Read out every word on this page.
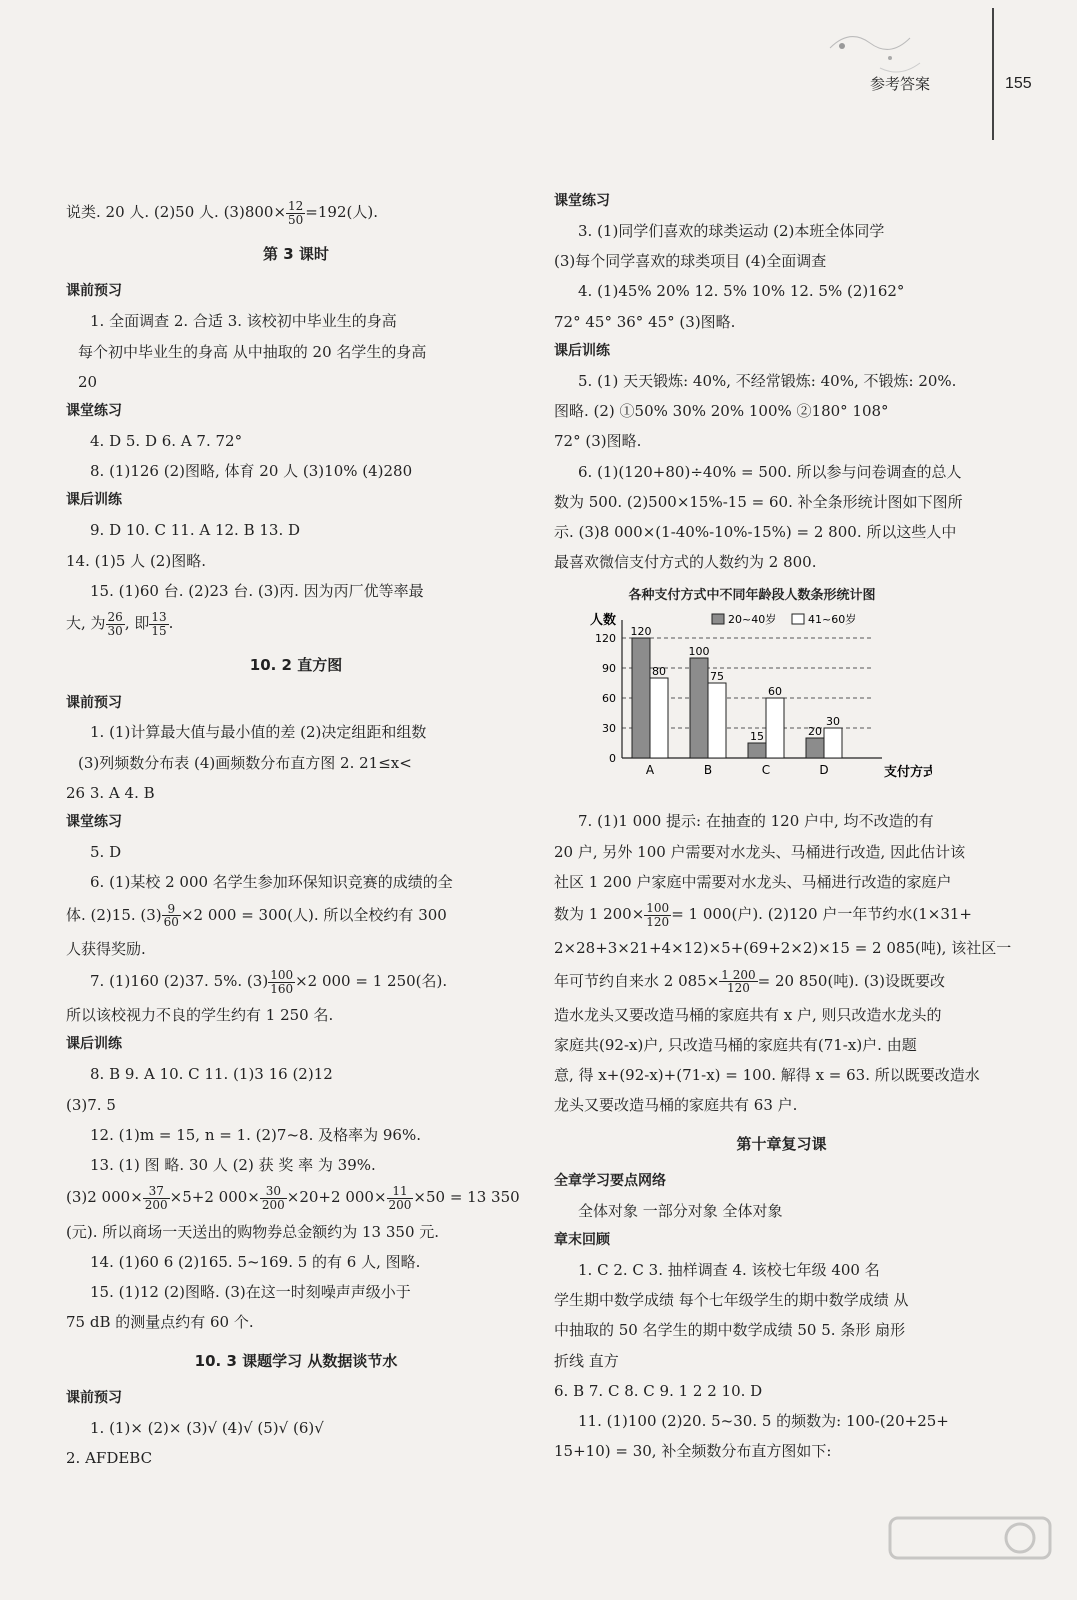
参考答案	155
说类. 20 人. (2)50 人. $(3)800\times \frac{12}{50} =192$(人).
第 3 课时
课前预习
1. 全面调查 2. 合适 3. 该校初中毕业生的身高
每个初中毕业生的身高 从中抽取的 20 名学生的身高
20
课堂练习
4. D 5. D 6. A 7. 72°
8. (1)126 (2)图略, 体育 20 人 (3)10% (4)280
课后训练
9. D 10. C 11. A 12. B 13. D
14. (1)5 人 (2)图略.
15. (1)60 台. (2)23 台. (3)丙. 因为丙厂优等率最
大, 为 $\frac{26}{30}$ , 即 $\frac{13}{15}$ .
10. 2 直方图
课前预习
1. (1)计算最大值与最小值的差 (2)决定组距和组数
(3)列频数分布表 (4)画频数分布直方图 2. 21≤x<
26 3. A 4. B
课堂练习
5. D
6. (1)某校 2 000 名学生参加环保知识竞赛的成绩的全
体. (2)15. $(3) \frac{9}{60} \times 2$ 000 = 300(人). 所以全校约有 300
人获得奖励.
7. (1)160 (2)37. 5%. $(3) \frac{100}{160} \times 2$ 000 = 1 250(名).
所以该校视力不良的学生约有 1 250 名.
课后训练
8. B 9. A 10. C 11. (1)3 16 (2)12
(3)7. 5
12. (1)m = 15, n = 1. (2)7~8. 及格率为 96%.
13. (1) 图 略. 30 人 (2) 获 奖 率 为 39%.
(3)2 $000\times \frac{37}{200} \times 5+2$ $000\times \frac{30}{200} \times 20+2$ $000\times \frac{11}{200} \times 50 = 13$ 350
(元). 所以商场一天送出的购物券总金额约为 13 350 元.
14. (1)60 6 (2)165. 5~169. 5 的有 6 人, 图略.
15. (1)12 (2)图略. (3)在这一时刻噪声声级小于
75 dB 的测量点约有 60 个.
10. 3 课题学习 从数据谈节水
课前预习
1. (1)× (2)× (3)√ (4)√ (5)√ (6)√
2. AFDEBC
课堂练习
3. (1)同学们喜欢的球类运动 (2)本班全体同学
(3)每个同学喜欢的球类项目 (4)全面调查
4. (1)45% 20% 12. 5% 10% 12. 5% (2)162°
72° 45° 36° 45° (3)图略.
课后训练
5. (1) 天天锻炼: 40%, 不经常锻炼: 40%, 不锻炼: 20%.
图略. (2) ①50% 30% 20% 100% ②180° 108°
72° (3)图略.
6. (1)(120+80)÷40% = 500. 所以参与问卷调查的总人
数为 500. (2)500×15%-15 = 60. 补全条形统计图如下图所
示. (3)8 000×(1-40%-10%-15%) = 2 800. 所以这些人中
最喜欢微信支付方式的人数约为 2 800.
各种支付方式中不同年龄段人数条形统计图
人数	20~40岁	41~60岁
0
30
60
90
120
支付方式
120
80
A
100
75
B
15
60
C
20
30
D
7. (1)1 000 提示: 在抽查的 120 户中, 均不改造的有
20 户, 另外 100 户需要对水龙头、马桶进行改造, 因此估计该
社区 1 200 户家庭中需要对水龙头、马桶进行改造的家庭户
数为 1 $200\times \frac{100}{120} = 1$ 000(户). (2)120 户一年节约水(1×31+
2×28+3×21+4×12)×5+(69+2×2)×15 = 2 085(吨), 该社区一
年可节约自来水 2 $085\times \frac{1 200}{120} = 20$ 850(吨). (3)设既要改
造水龙头又要改造马桶的家庭共有 x 户, 则只改造水龙头的
家庭共(92-x)户, 只改造马桶的家庭共有(71-x)户. 由题
意, 得 x+(92-x)+(71-x) = 100. 解得 x = 63. 所以既要改造水
龙头又要改造马桶的家庭共有 63 户.
第十章复习课
全章学习要点网络
全体对象 一部分对象 全体对象
章末回顾
1. C 2. C 3. 抽样调查 4. 该校七年级 400 名
学生期中数学成绩 每个七年级学生的期中数学成绩 从
中抽取的 50 名学生的期中数学成绩 50 5. 条形 扇形
折线 直方
6. B 7. C 8. C 9. 1 2 2 10. D
11. (1)100 (2)20. 5~30. 5 的频数为: 100-(20+25+
15+10) = 30, 补全频数分布直方图如下:
